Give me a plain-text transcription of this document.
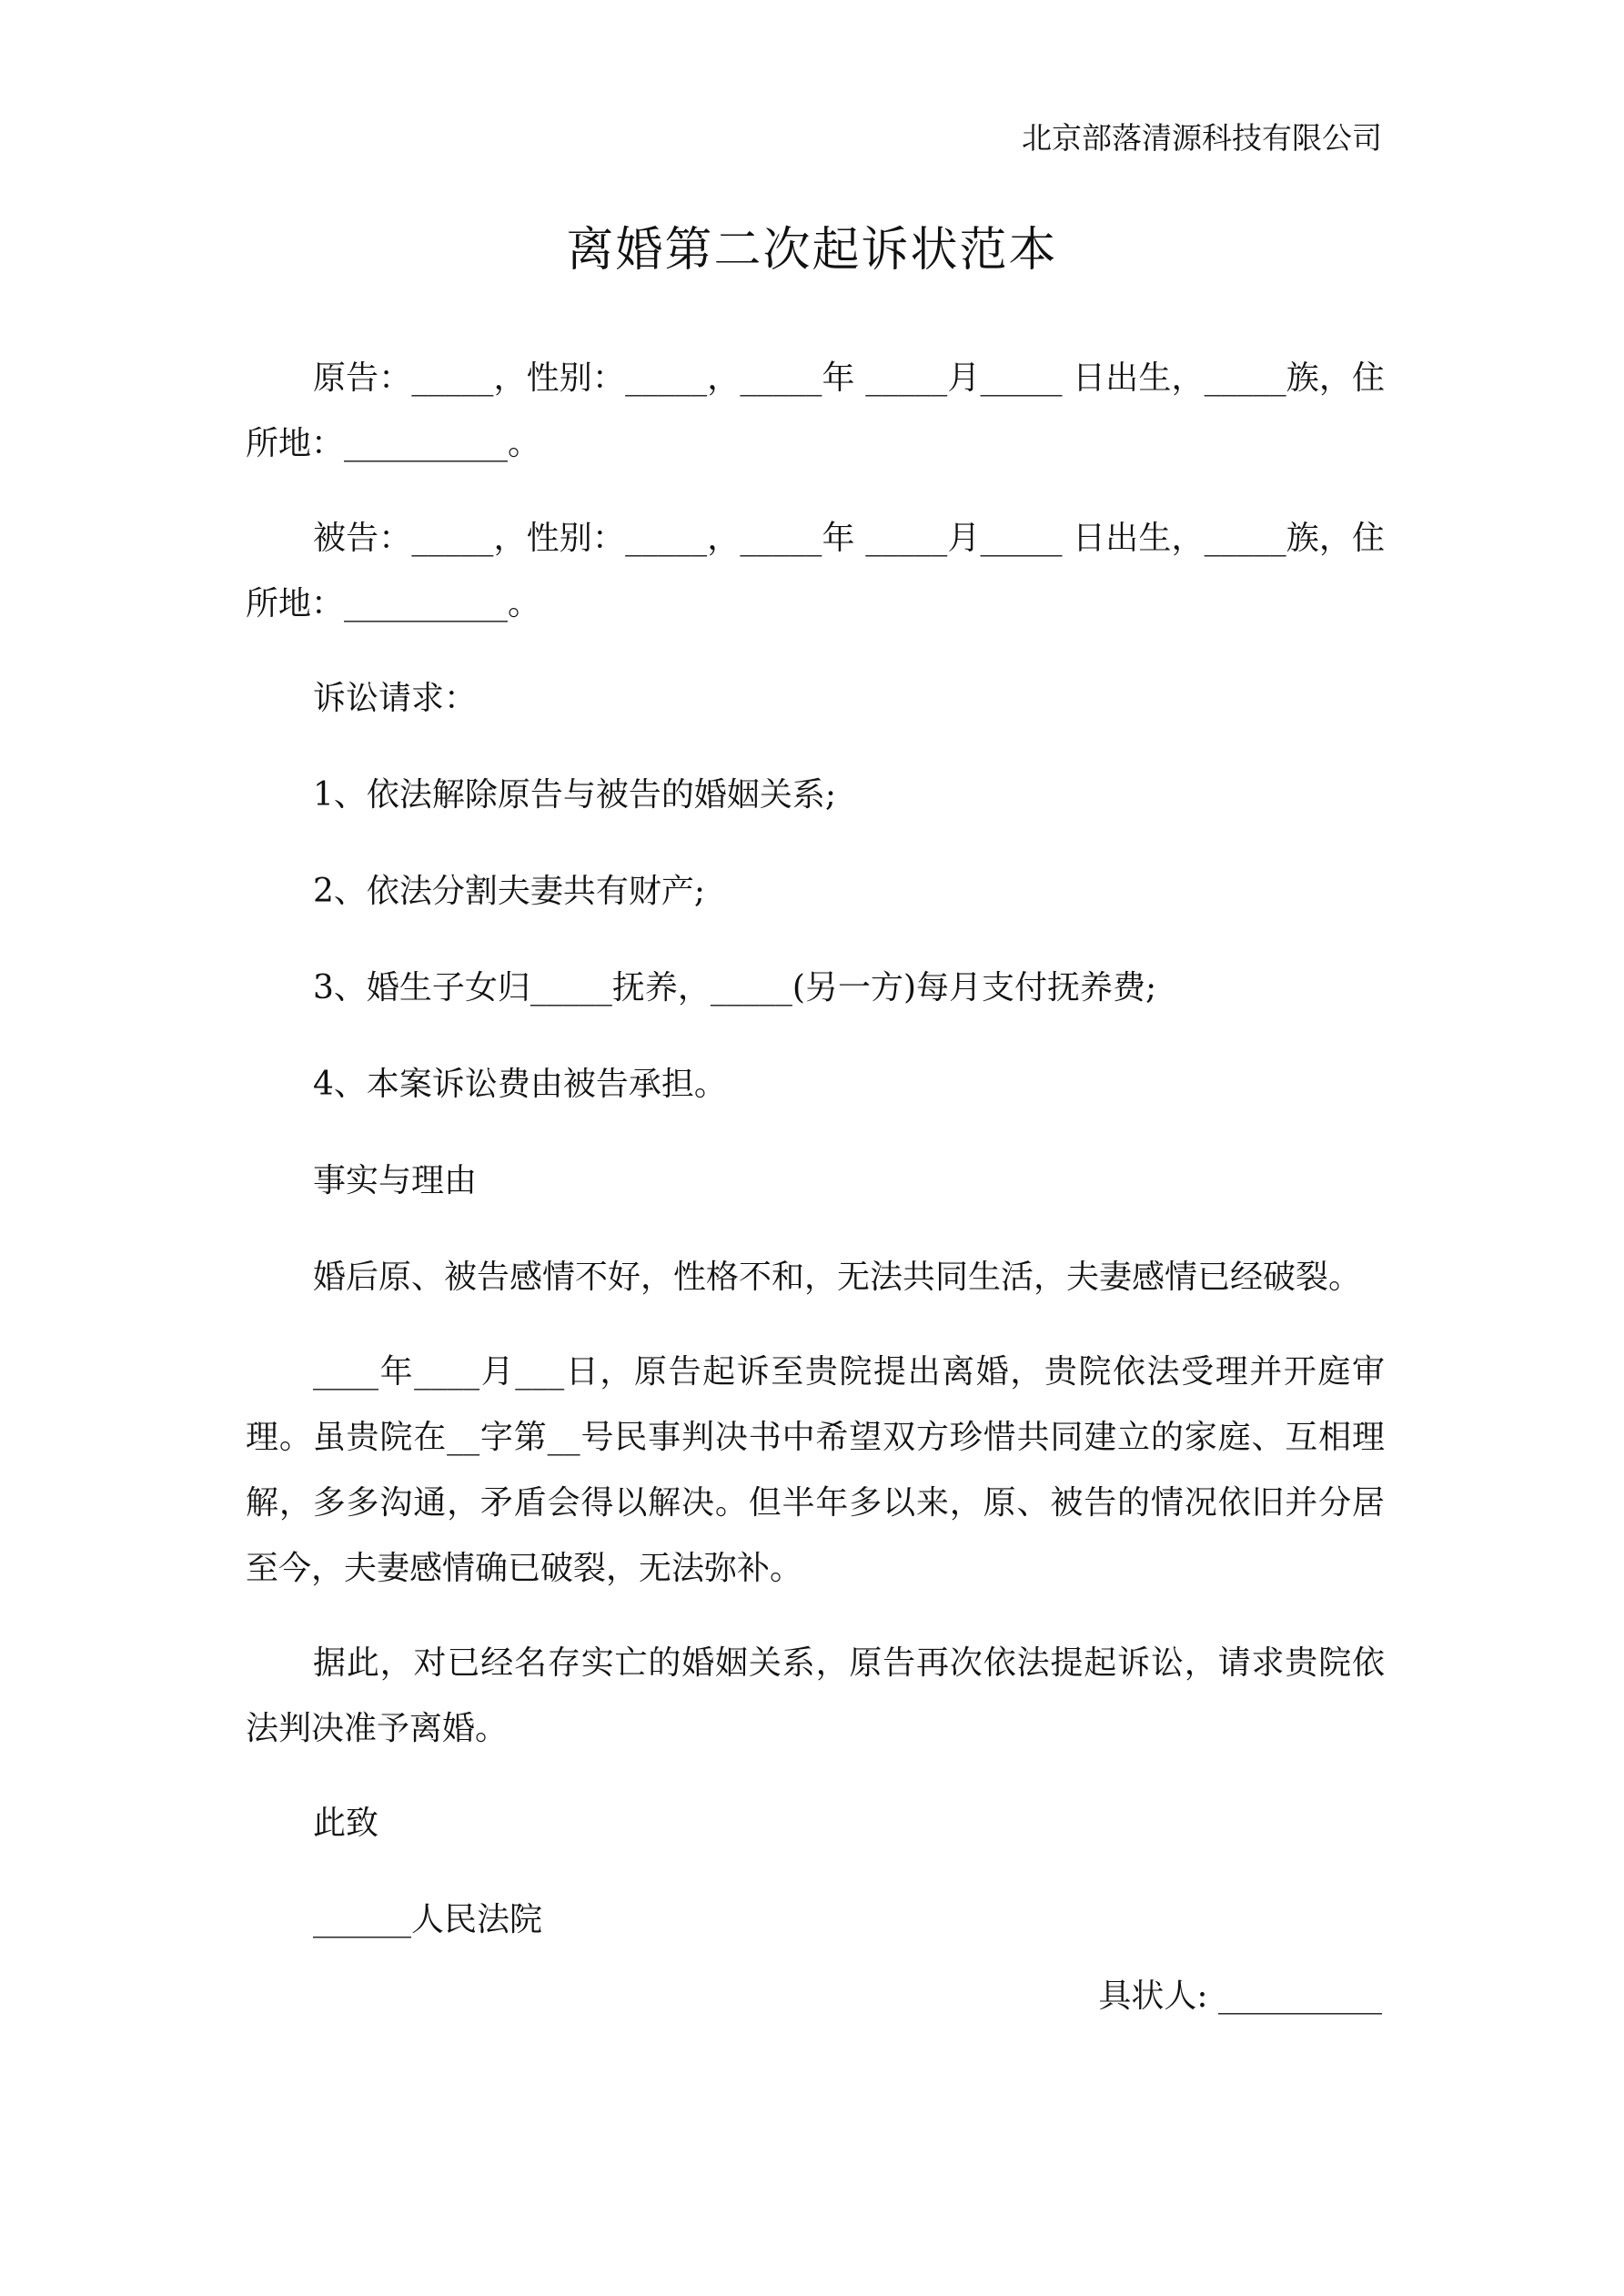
北京部落清源科技有限公司
离婚第二次起诉状范本

原告：_____，性别：_____，_____年 _____月_____ 日出生，_____族，住所地：__________。

被告：_____，性别：_____，_____年 _____月_____ 日出生，_____族，住所地：__________。

诉讼请求：

1、依法解除原告与被告的婚姻关系;

2、依法分割夫妻共有财产;

3、婚生子女归_____抚养，_____(另一方)每月支付抚养费;

4、本案诉讼费由被告承担。

事实与理由

婚后原、被告感情不好，性格不和，无法共同生活，夫妻感情已经破裂。

____年____月___日，原告起诉至贵院提出离婚，贵院依法受理并开庭审理。虽贵院在__字第__号民事判决书中希望双方珍惜共同建立的家庭、互相理解，多多沟通，矛盾会得以解决。但半年多以来，原、被告的情况依旧并分居至今，夫妻感情确已破裂，无法弥补。

据此，对已经名存实亡的婚姻关系，原告再次依法提起诉讼，请求贵院依法判决准予离婚。

此致

______人民法院

具状人: __________
